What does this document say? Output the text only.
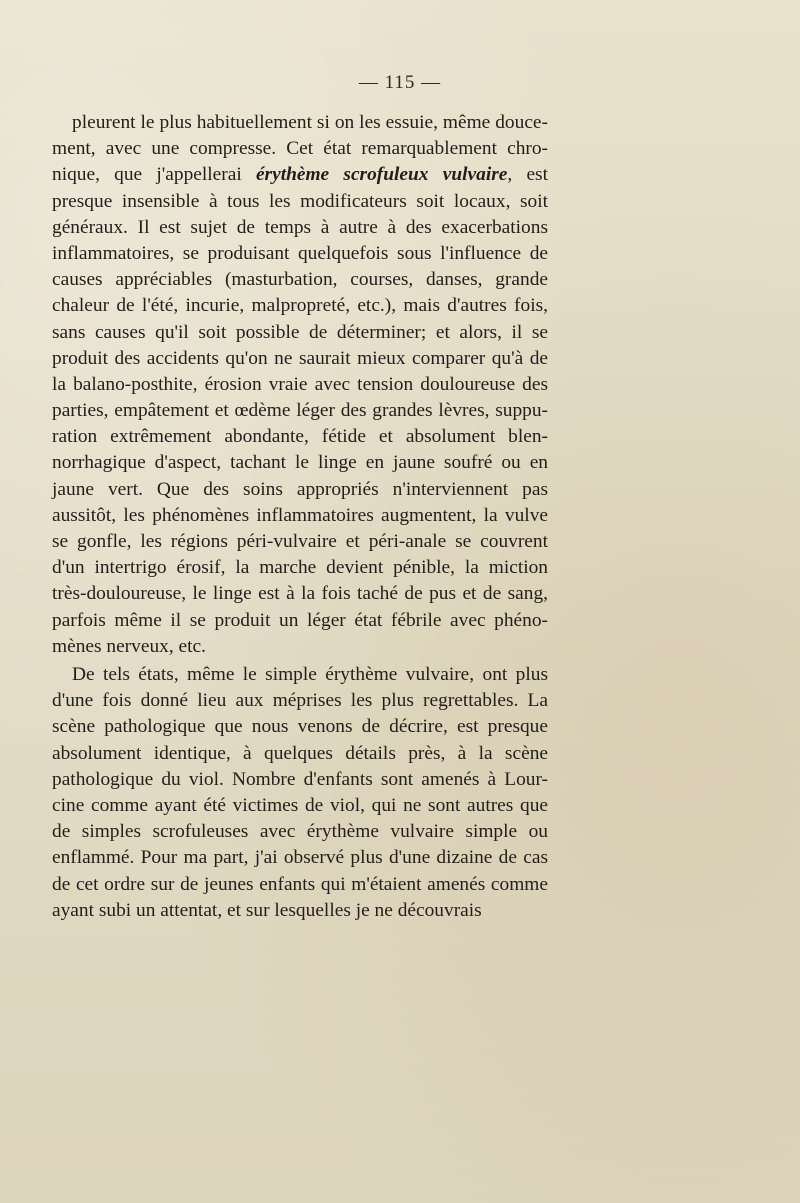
— 115 —
pleurent le plus habituellement si on les essuie, même douce-
ment, avec une compresse. Cet état remarquablement chro-
nique, que j'appellerai érythème scrofuleux vulvaire, est
presque insensible à tous les modificateurs soit locaux, soit
généraux. Il est sujet de temps à autre à des exacerbations
inflammatoires, se produisant quelquefois sous l'influence de
causes appréciables (masturbation, courses, danses, grande
chaleur de l'été, incurie, malpropreté, etc.), mais d'autres fois,
sans causes qu'il soit possible de déterminer; et alors, il se
produit des accidents qu'on ne saurait mieux comparer qu'à de
la balano-posthite, érosion vraie avec tension douloureuse des
parties, empâtement et œdème léger des grandes lèvres, suppu-
ration extrêmement abondante, fétide et absolument blen-
norrhagique d'aspect, tachant le linge en jaune soufré ou en
jaune vert. Que des soins appropriés n'interviennent pas
aussitôt, les phénomènes inflammatoires augmentent, la vulve
se gonfle, les régions péri-vulvaire et péri-anale se couvrent
d'un intertrigo érosif, la marche devient pénible, la miction
très-douloureuse, le linge est à la fois taché de pus et de sang,
parfois même il se produit un léger état fébrile avec phéno-
mènes nerveux, etc.
De tels états, même le simple érythème vulvaire, ont plus
d'une fois donné lieu aux méprises les plus regrettables. La
scène pathologique que nous venons de décrire, est presque
absolument identique, à quelques détails près, à la scène
pathologique du viol. Nombre d'enfants sont amenés à Lour-
cine comme ayant été victimes de viol, qui ne sont autres que
de simples scrofuleuses avec érythème vulvaire simple ou
enflammé. Pour ma part, j'ai observé plus d'une dizaine de cas
de cet ordre sur de jeunes enfants qui m'étaient amenés comme
ayant subi un attentat, et sur lesquelles je ne découvrais
